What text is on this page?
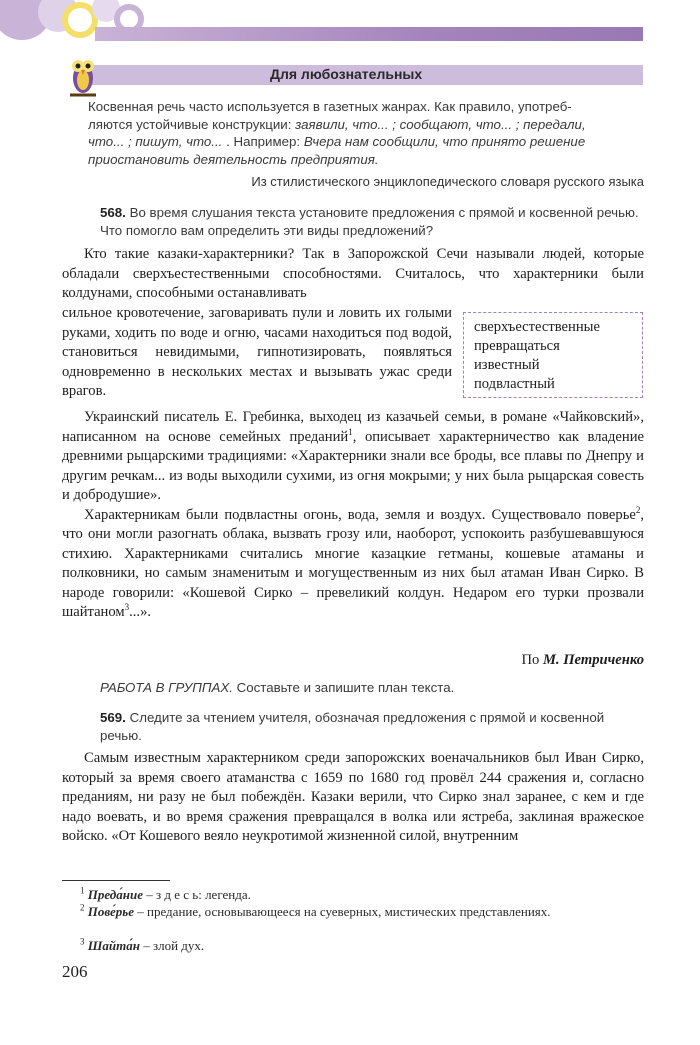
Для любознательных
Косвенная речь часто используется в газетных жанрах. Как правило, употреб-
ляются устойчивые конструкции: заявили, что... ; сообщают, что... ; передали,
что... ; пишут, что... . Например: Вчера нам сообщили, что принято решение
приостановить деятельность предприятия.
Из стилистического энциклопедического словаря русского языка
568. Во время слушания текста установите предложения с прямой и косвенной речью. Что помогло вам определить эти виды предложений?

Кто такие казаки-характерники? Так в Запорожской Сечи называли людей, которые обладали сверхъестественными способностями. Считалось, что характерники были колдунами, способными останавливать

сильное кровотечение, заговаривать пули и ловить их голыми руками, ходить по воде и огню, часами находиться под водой, становиться невидимыми, гипнотизировать, появляться одновременно в нескольких местах и вызывать ужас среди врагов.

сверхъестественные
превращаться
известный
подвластный

Украинский писатель Е. Гребинка, выходец из казачьей семьи, в романе «Чайковский», написанном на основе семейных преданий$^1$, описывает характерничество как владение древними рыцарскими традициями: «Характерники знали все броды, все плавы по Днепру и другим речкам... из воды выходили сухими, из огня мокрыми; у них была рыцарская совесть и добродушие».

Характерникам были подвластны огонь, вода, земля и воздух. Существовало поверье$^2$, что они могли разогнать облака, вызвать грозу или, наоборот, успокоить разбушевавшуюся стихию. Характерниками считались многие казацкие гетманы, кошевые атаманы и полковники, но самым знаменитым и могущественным из них был атаман Иван Сирко. В народе говорили: «Кошевой Сирко – превеликий колдун. Недаром его турки прозвали шайтаном$^3$...».

По М. Петриченко
РАБОТА В ГРУППАХ. Составьте и запишите план текста.
569. Следите за чтением учителя, обозначая предложения с прямой и косвенной речью.

Самым известным характерником среди запорожских военачальников был Иван Сирко, который за время своего атаманства с 1659 по 1680 год провёл 244 сражения и, согласно преданиям, ни разу не был побеждён. Казаки верили, что Сирко знал заранее, с кем и где надо воевать, и во время сражения превращался в волка или ястреба, заклиная вражеское войско. «От Кошевого веяло неукротимой жизненной силой, внутренним

$^1$ Преда́ние – з д е с ь: легенда.
$^2$ Пове́рье – предание, основывающееся на суеверных, мистических представлениях.
$^3$ Шайта́н – злой дух.
206
